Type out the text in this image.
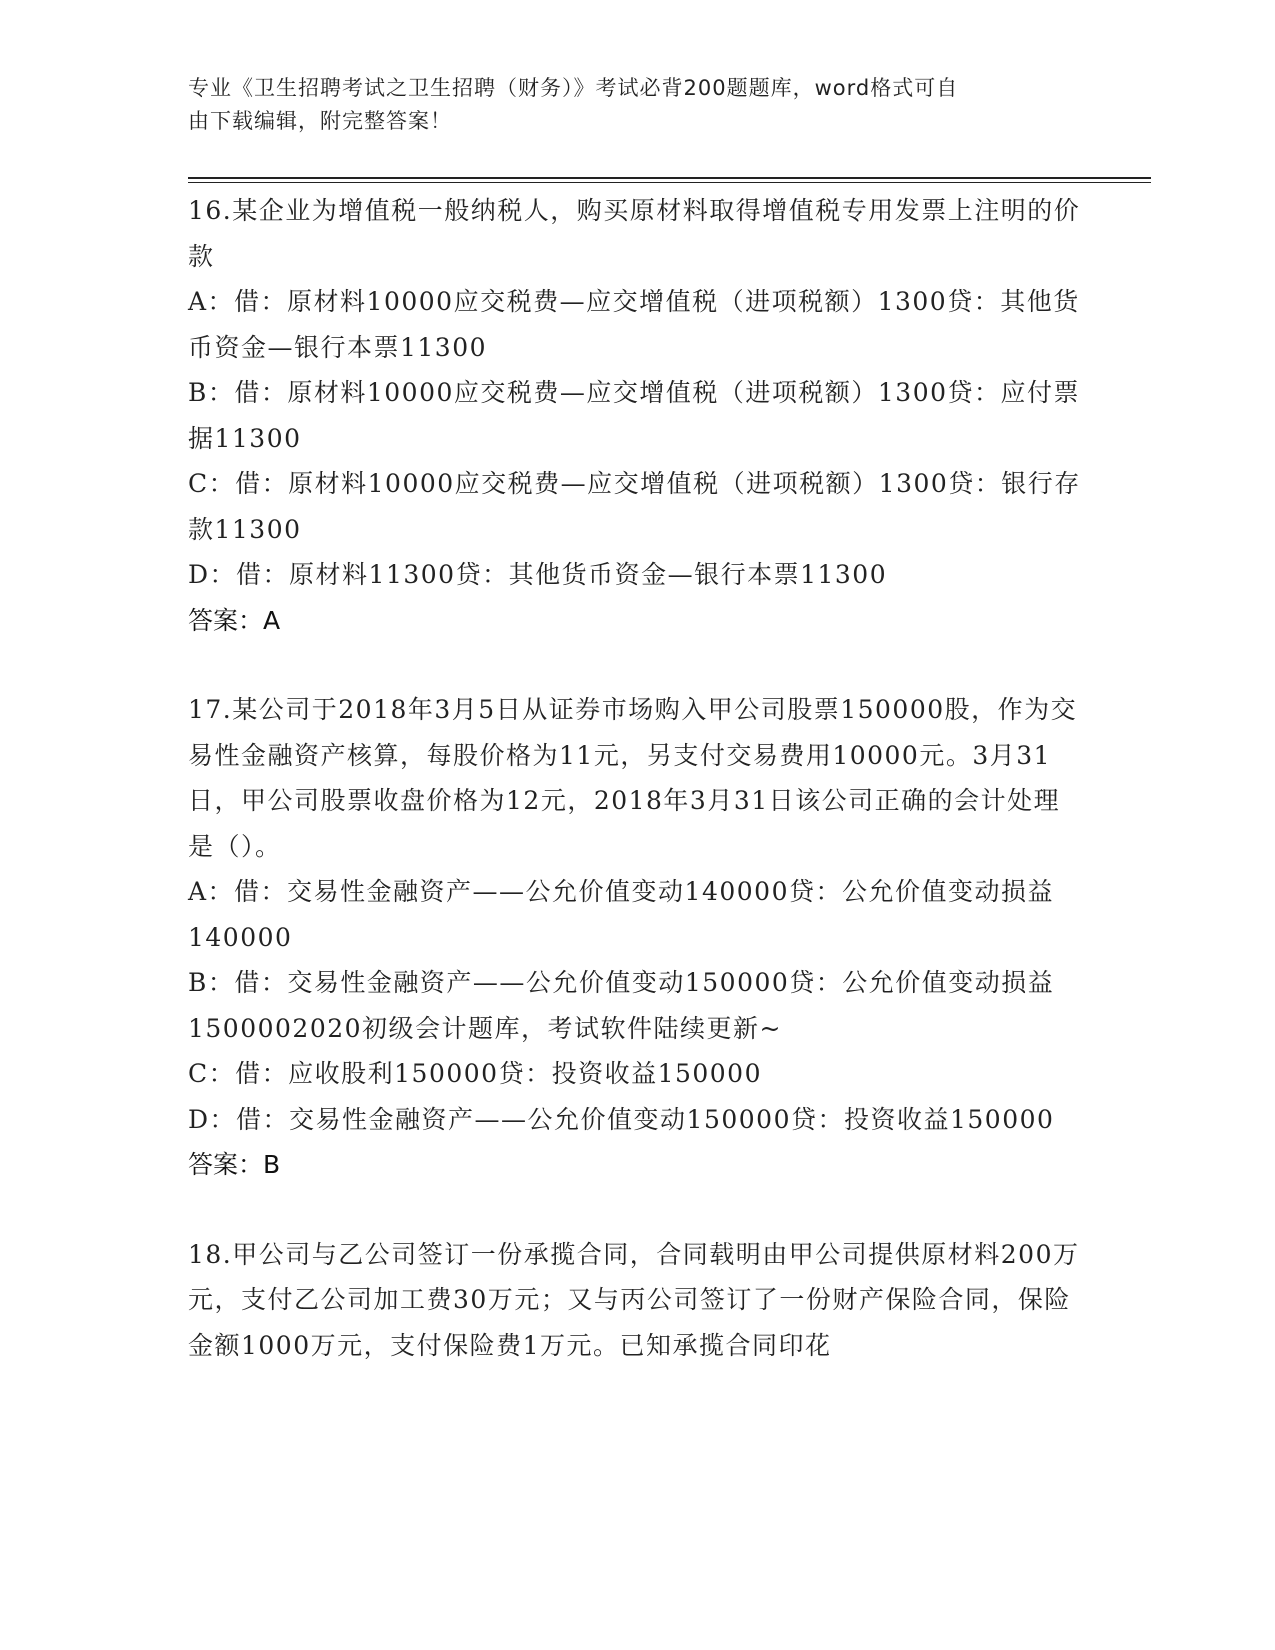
专业《卫生招聘考试之卫生招聘（财务）》考试必背200题题库，word格式可自
由下载编辑，附完整答案！
16.某企业为增值税一般纳税人，购买原材料取得增值税专用发票上注明的价款
A：借：原材料10000应交税费—应交增值税（进项税额）1300贷：其他货币资金—银行本票11300
B：借：原材料10000应交税费—应交增值税（进项税额）1300贷：应付票据11300
C：借：原材料10000应交税费—应交增值税（进项税额）1300贷：银行存款11300
D：借：原材料11300贷：其他货币资金—银行本票11300
答案：A
17.某公司于2018年3月5日从证券市场购入甲公司股票150000股，作为交易性金融资产核算，每股价格为11元，另支付交易费用10000元。3月31日，甲公司股票收盘价格为12元，2018年3月31日该公司正确的会计处理是（）。
A：借：交易性金融资产——公允价值变动140000贷：公允价值变动损益140000
B：借：交易性金融资产——公允价值变动150000贷：公允价值变动损益1500002020初级会计题库，考试软件陆续更新~
C：借：应收股利150000贷：投资收益150000
D：借：交易性金融资产——公允价值变动150000贷：投资收益150000
答案：B
18.甲公司与乙公司签订一份承揽合同，合同载明由甲公司提供原材料200万元，支付乙公司加工费30万元；又与丙公司签订了一份财产保险合同，保险金额1000万元，支付保险费1万元。已知承揽合同印花
